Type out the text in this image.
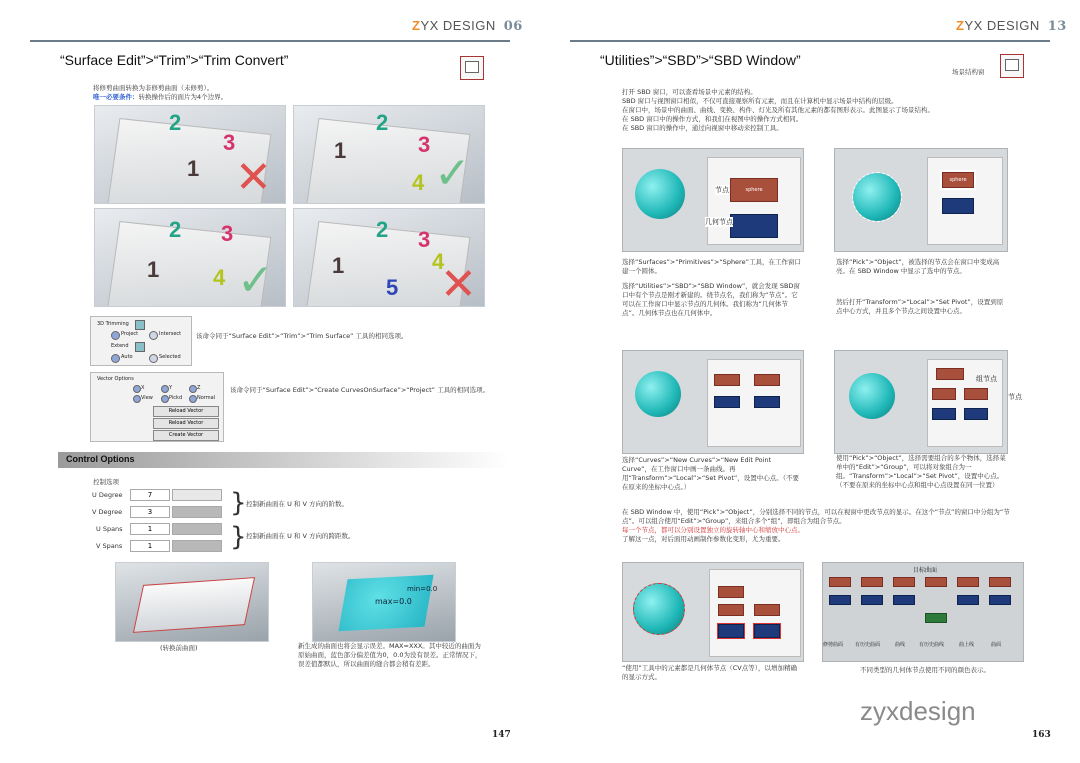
ZYX DESIGN 06
“Surface Edit”>“Trim”>“Trim Convert”
将修剪曲面转换为非修剪曲面（未修剪）。
唯一必要条件：转换操作后的面片为4个边界。
2
3
1 ✕
2
3
1
4 ✓
2 3
1 4 ✓
2 3
1	4
5 ✕
3D Trimming
Project	Intersect
Extend
Auto	Selected
该命令同于“Surface Edit”>“Trim”>“Trim Surface” 工具的相同选项。
Vector Options
X	Y	Z
View	Pickd	Normal
Reload Vector
Reload Vector
Create Vector
该命令同于“Surface Edit”>“Create CurvesOnSurface”>“Project” 工具的相同选项。
Control Options
控制选项
U Degree	7
V Degree	3
U Spans	1
V Spans	1
} 控制新曲面在 U 和 V 方向的阶数。
} 控制新曲面在 U 和 V 方向的跨距数。
(转换前曲面)
min=0.0
max=0.0
新生成的曲面也将会显示误差。MAX=XXX。其中较近的曲面为原始曲面，蓝色部分偏差值为0，0.0为没有误差。正常情况下，误差值都默认，所以曲面的缝合都会稍有差距。
147
ZYX DESIGN 13
“Utilities”>“SBD”>“SBD Window”
场景结构窗
打开 SBD 窗口，可以查看场景中元素的结构。
SBD 窗口与视图窗口相似，不仅可直接观察所有元素，而且在计算机中显示场景中结构的层级。
在窗口中，场景中的曲面、曲线、变换、构件、灯光及所有其他元素的都有图形表示。此图显示了场景结构。
在 SBD 窗口中的操作方式，和我们在视图中的操作方式相同。
在 SBD 窗口的操作中，通过向视窗中移动来控制工具。
sphere
节点
几何节点
sphere
选择“Surfaces”>“Primitives”>“Sphere”工具，在工作窗口建一个圆体。
选择“Utilities”>“SBD”>“SBD Window”，就会发现 SBD窗口中有个节点是刚才新建的。绕节点名，我们称为“节点”。它可以在工作窗口中显示节点的几何体。我们称为“几何体节点”。几何体节点也在几何体中。
选择“Pick”>“Object”，被选择的节点会在窗口中变成高亮。在 SBD Window 中显示了选中的节点。
然后打开“Transform”>“Local”>“Set Pivot”，设置到原点中心方式，并且多个节点之间设置中心点。
组节点
节点
选择“Curves”>“New Curves”>“New Edit Point Curve”，在工作窗口中画一条曲线。再用“Transform”>“Local”>“Set Pivot”，设置中心点。（不要在原来的坐标中心点。）
使用“Pick”>“Object”，选择需要组合的多个物体，选择菜单中的“Edit”>“Group”，可以将对象组合为一组。“Transform”>“Local”>“Set Pivot”，设置中心点。（不要在原来的坐标中心点和组中心点设置在同一位置）
在 SBD Window 中，使用“Pick”>“Object”，分别选择不同的节点，可以在视窗中更改节点的显示。在这个“节点”的窗口中分组为“节点”。可以组合使用“Edit”>“Group”，来组合多个“组”，即组合为组合节点。
每一个节点，都可以分别设置独立的旋转轴中心和缩放中心点。
了解这一点，对后面用动画制作参数化变形，尤为重要。
“使用”工具中的元素都是几何体节点（CV点等），以增加精确的显示方式。
目标曲面
修剪曲面 有历史曲面	曲线	有历史曲线	曲上线	曲面
不同类型的几何体节点使用不同的颜色表示。
163
zyxdesign
